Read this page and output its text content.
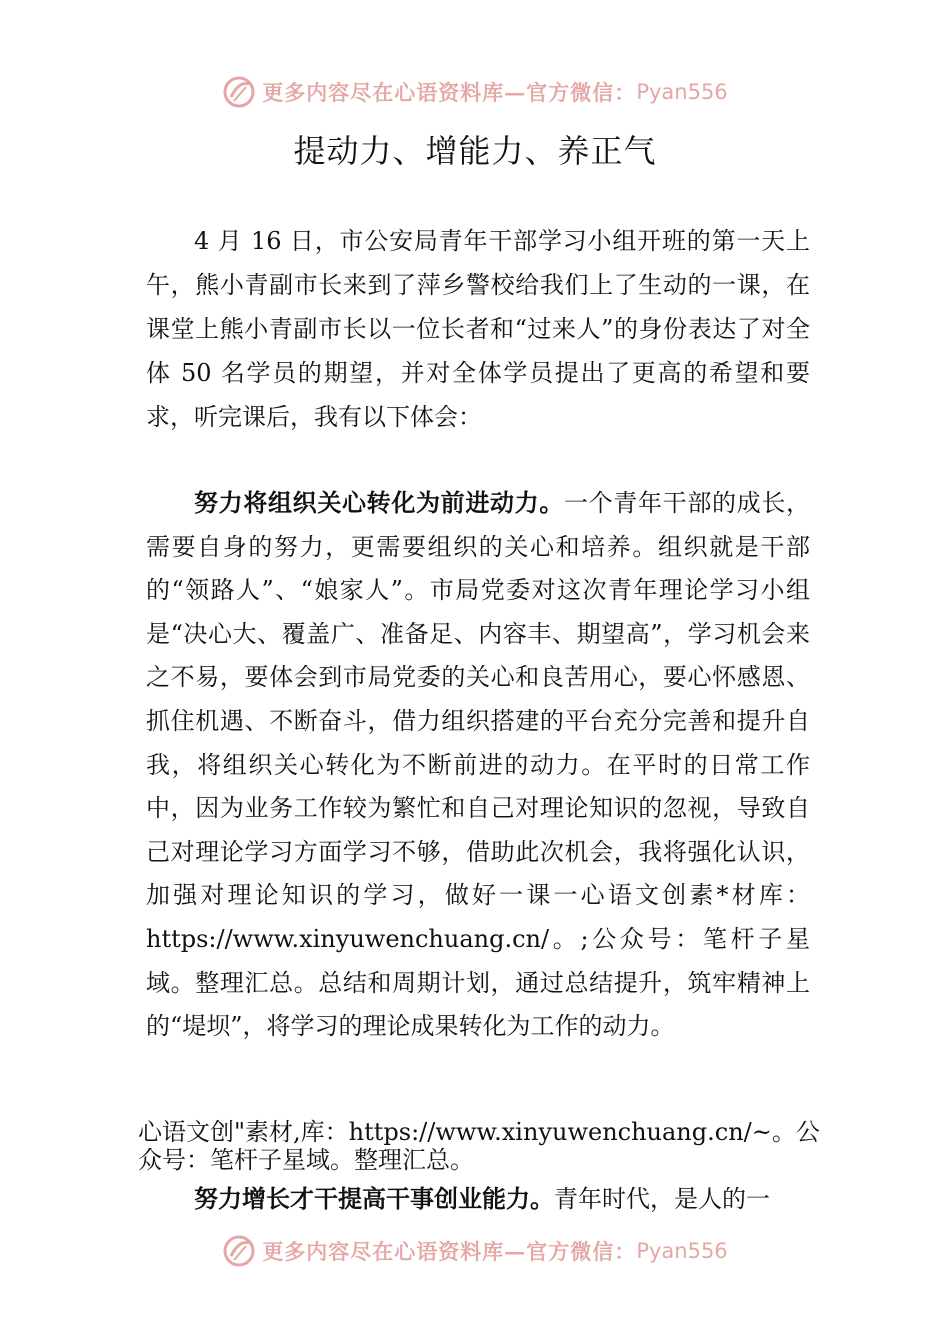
更多内容尽在心语资料库—官方微信： Pyan556
提动力、增能力、养正气

4 月 16 日，市公安局青年干部学习小组开班的第一天上午，熊小青副市长来到了萍乡警校给我们上了生动的一课，在课堂上熊小青副市长以一位长者和“过来人”的身份表达了对全体 50 名学员的期望，并对全体学员提出了更高的希望和要求，听完课后，我有以下体会：

努力将组织关心转化为前进动力。一个青年干部的成长，需要自身的努力，更需要组织的关心和培养。组织就是干部的“领路人”、“娘家人”。市局党委对这次青年理论学习小组是“决心大、覆盖广、准备足、内容丰、期望高”，学习机会来之不易，要体会到市局党委的关心和良苦用心，要心怀感恩、抓住机遇、不断奋斗，借力组织搭建的平台充分完善和提升自我，将组织关心转化为不断前进的动力。在平时的日常工作中，因为业务工作较为繁忙和自己对理论知识的忽视，导致自己对理论学习方面学习不够，借助此次机会，我将强化认识，加强对理论知识的学习，做好一课一心语文创素*材库：https://www.xinyuwenchuang.cn/。;公众号：笔杆子星域。整理汇总。总结和周期计划，通过总结提升，筑牢精神上的“堤坝”，将学习的理论成果转化为工作的动力。

心语文创"素材,库：https://www.xinyuwenchuang.cn/~。公众号：笔杆子星域。整理汇总。

努力增长才干提高干事创业能力。青年时代，是人的一

更多内容尽在心语资料库—官方微信： Pyan556
